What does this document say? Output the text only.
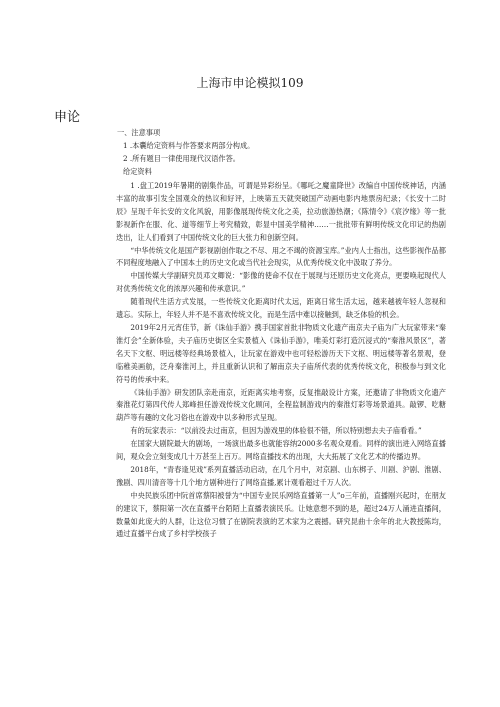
上海市申论模拟109
申论
一、注意事项
1 .本囊给定资料与作答要求两部分构成。
2 .所有题目一律使用现代汉语作答。
给定资料

1 .盘工2019年暑期的剧集作品，可谓是异彩纷呈。《哪吒之魔童降世》改编自中国传统神话，内涵丰富的故事引发全国观众的热议和好评，上映第五天就突破国产动画电影内地票房纪录；《长安十二时辰》呈现千年长安的文化风貌，用影像展现传统文化之美，拉动旅游热潮；《陈情令》《宸汐缘》等一批影视新作在服、化、道等细节上考究精致，彰显中国美学精神……一批批带有鲜明传统文化印记的热剧迭出，让人们看到了中国传统文化的巨大张力和创新空间。

“中华传统文化是国产影视剧创作取之不尽、用之不竭的资源宝库。”业内人士指出，这些影视作品都不同程度地融入了中国本土的历史文化或当代社会现实，从优秀传统文化中汲取了养分。

中国传媒大学副研究员邓文卿说：“影像的使命不仅在于展现与还原历史文化亮点，更要唤起现代人对优秀传统文化的浓厚兴趣和传承意识。”

随着现代生活方式发展，一些传统文化距离时代太远，距离日常生活太远，越来越被年轻人忽视和遗忘。实际上，年轻人并不是不喜欢传统文化，而是生活中难以接触到，缺乏体验的机会。

2019年2月元宵佳节，新《诛仙手游》携手国家首批非物质文化遗产南京夫子庙为广大玩家带来“秦淮灯会”全新体验，夫子庙历史街区全实景植入《诛仙手游》，唯美灯彩打造沉浸式的“秦淮风景区”，著名天下文枢、明远楼等经典场景植入，让玩家在游戏中也可轻松游历天下文枢、明远楼等著名景观，登临稚美画舫，泛舟秦淮河上，并且重新认识和了解南京夫子庙所代表的优秀传统文化，积极参与到文化符号的传承中来。

《诛仙手游》研发团队亲赴南京，近距离实地考察，反复推敲设计方案，还邀请了非物质文化遗产秦淮花灯第四代传人郑峰担任游戏传统文化顾问，全程监制游戏内的秦淮灯彩等场景道具。敲锣、吃糖葫芦等有趣的文化习俗也在游戏中以多种形式呈现。

有的玩家表示：“以前没去过南京，但因为游戏里的体验很不错，所以特别想去夫子庙看看。”

在国家大剧院最大的剧场，一场演出最多也就能容纳2000多名观众观看。同样的演出进入网络直播间，观众会立刻变成几十万甚至上百万。网络直播技术的出现，大大拓展了文化艺术的传播边界。

2018年，“青春逢见戏”系列直播活动启动，在几个月中，对京剧、山东梆子、川剧、沪剧、淮剧、豫剧、四川清音等十几个地方剧种进行了网络直播,累计观看超过千万人次。

中央民族乐团中阮首席蔡阳被誉为“中国专业民乐网络直播第一人”o三年前，直播刚兴起时，在朋友的建议下，蔡阳第一次在直播平台陌陌上直播表演民乐。让她意想不到的是，超过24万人涌进直播间，数量如此庞大的人群，让这位习惯了在剧院表演的艺术家为之震撼。研究昆曲十余年的北大教授陈均，通过直播平台成了乡村学校孩子
